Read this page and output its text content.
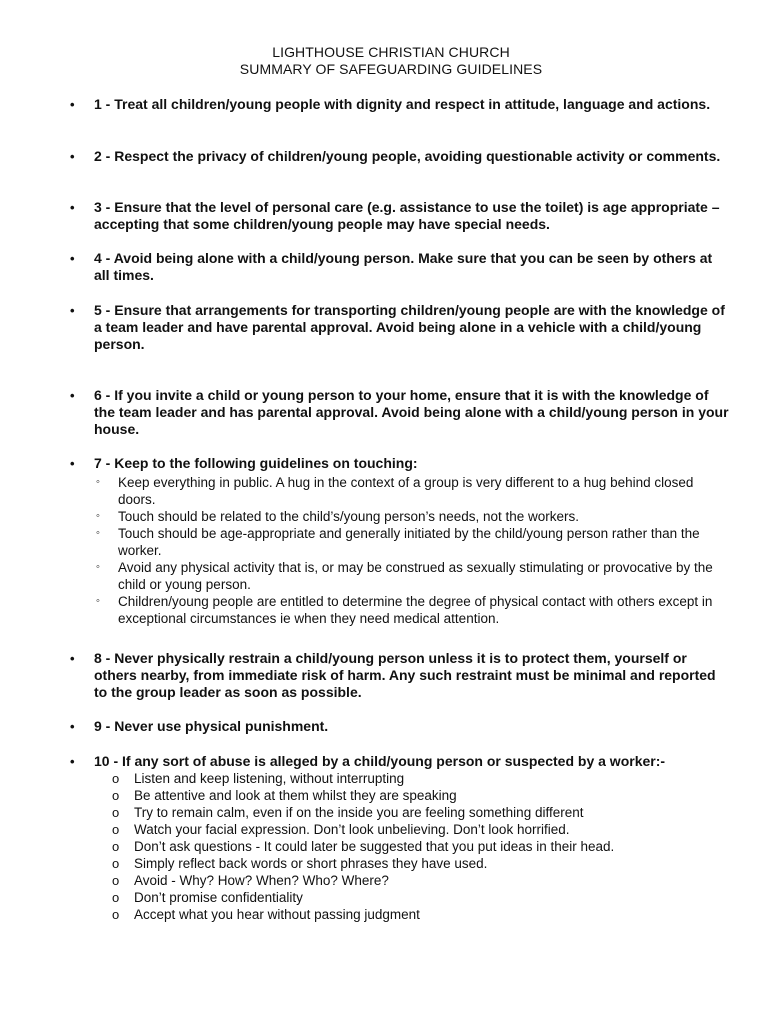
LIGHTHOUSE CHRISTIAN CHURCH
SUMMARY OF SAFEGUARDING GUIDELINES
• 1 - Treat all children/young people with dignity and respect in attitude, language and actions.
• 2 - Respect the privacy of children/young people, avoiding questionable activity or comments.
• 3 - Ensure that the level of personal care (e.g. assistance to use the toilet) is age appropriate – accepting that some children/young people may have special needs.
• 4 - Avoid being alone with a child/young person. Make sure that you can be seen by others at all times.
• 5 - Ensure that arrangements for transporting children/young people are with the knowledge of a team leader and have parental approval. Avoid being alone in a vehicle with a child/young person.
• 6 - If you invite a child or young person to your home, ensure that it is with the knowledge of the team leader and has parental approval. Avoid being alone with a child/young person in your house.
• 7 - Keep to the following guidelines on touching:
◦ Keep everything in public. A hug in the context of a group is very different to a hug behind closed doors.
◦ Touch should be related to the child’s/young person’s needs, not the workers.
◦ Touch should be age-appropriate and generally initiated by the child/young person rather than the worker.
◦ Avoid any physical activity that is, or may be construed as sexually stimulating or provocative by the child or young person.
◦ Children/young people are entitled to determine the degree of physical contact with others except in exceptional circumstances ie when they need medical attention.
• 8 - Never physically restrain a child/young person unless it is to protect them, yourself or others nearby, from immediate risk of harm. Any such restraint must be minimal and reported to the group leader as soon as possible.
• 9 - Never use physical punishment.
• 10 - If any sort of abuse is alleged by a child/young person or suspected by a worker:-
o Listen and keep listening, without interrupting
o Be attentive and look at them whilst they are speaking
o Try to remain calm, even if on the inside you are feeling something different
o Watch your facial expression. Don’t look unbelieving. Don’t look horrified.
o Don’t ask questions - It could later be suggested that you put ideas in their head.
o Simply reflect back words or short phrases they have used.
o Avoid - Why? How? When? Who? Where?
o Don’t promise confidentiality
o Accept what you hear without passing judgment
